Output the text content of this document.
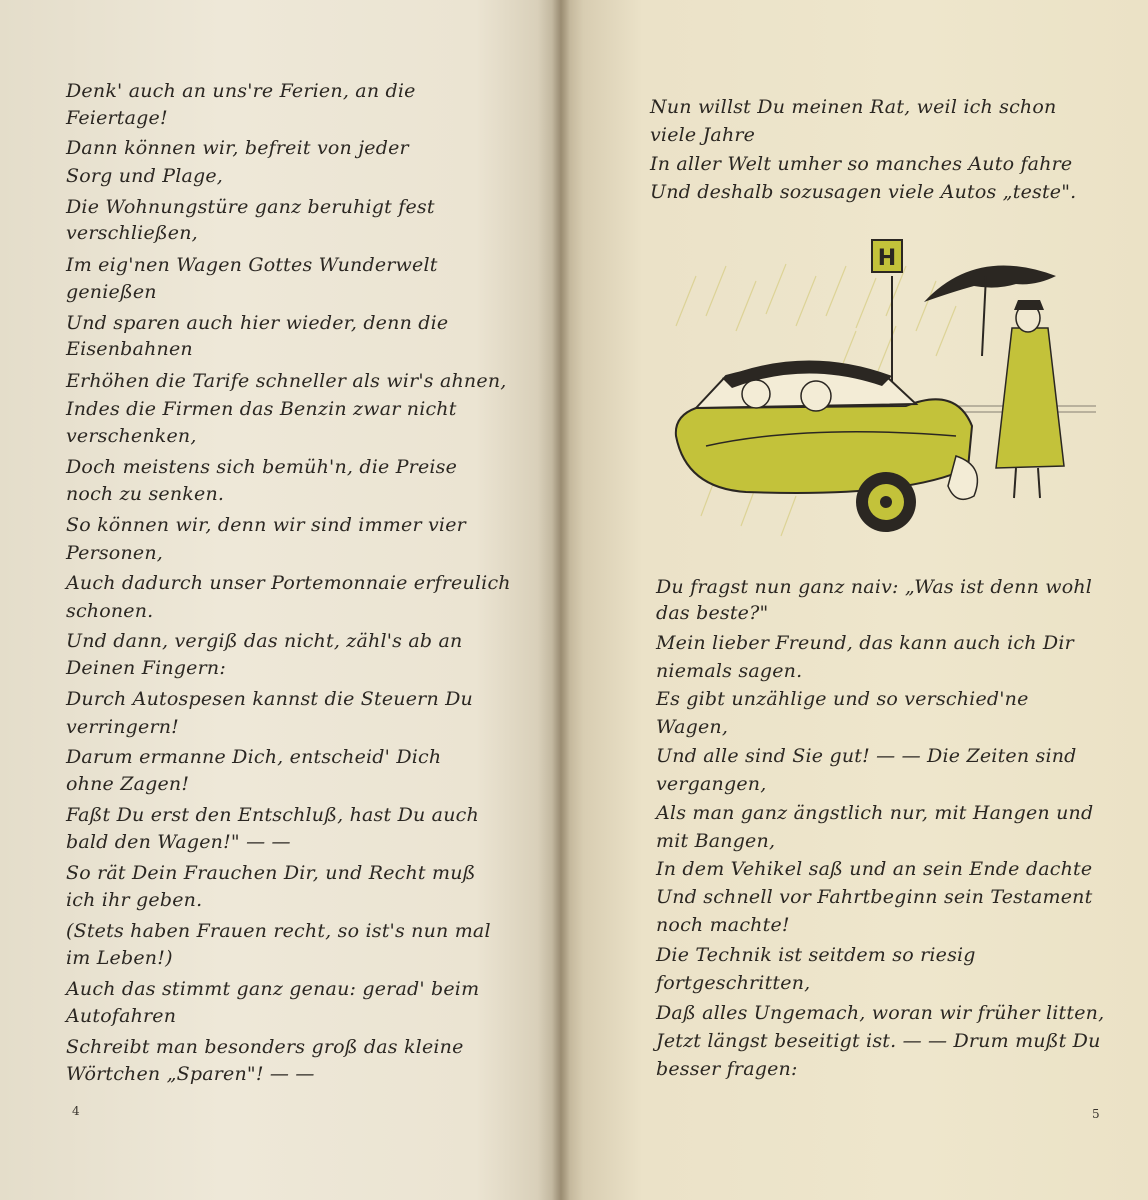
Denk' auch an uns're Ferien, an die
Feiertage!
Dann können wir, befreit von jeder
Sorg und Plage,
Die Wohnungstüre ganz beruhigt fest
verschließen,
Im eig'nen Wagen Gottes Wunderwelt
genießen
Und sparen auch hier wieder, denn die
Eisenbahnen
Erhöhen die Tarife schneller als wir's ahnen,
Indes die Firmen das Benzin zwar nicht
verschenken,
Doch meistens sich bemüh'n, die Preise
noch zu senken.
So können wir, denn wir sind immer vier
Personen,
Auch dadurch unser Portemonnaie erfreulich
schonen.
Und dann, vergiß das nicht, zähl's ab an
Deinen Fingern:
Durch Autospesen kannst die Steuern Du
verringern!
Darum ermanne Dich, entscheid' Dich
ohne Zagen!
Faßt Du erst den Entschluß, hast Du auch
bald den Wagen!" — —
So rät Dein Frauchen Dir, und Recht muß
ich ihr geben.
(Stets haben Frauen recht, so ist's nun mal
im Leben!)
Auch das stimmt ganz genau: gerad' beim
Autofahren
Schreibt man besonders groß das kleine
Wörtchen „Sparen"! — —
4
Nun willst Du meinen Rat, weil ich schon
viele Jahre
In aller Welt umher so manches Auto fahre
Und deshalb sozusagen viele Autos „teste".
H
Du fragst nun ganz naiv: „Was ist denn wohl
das beste?"
Mein lieber Freund, das kann auch ich Dir
niemals sagen.
Es gibt unzählige und so verschied'ne
Wagen,
Und alle sind Sie gut! — — Die Zeiten sind
vergangen,
Als man ganz ängstlich nur, mit Hangen und
mit Bangen,
In dem Vehikel saß und an sein Ende dachte
Und schnell vor Fahrtbeginn sein Testament
noch machte!
Die Technik ist seitdem so riesig
fortgeschritten,
Daß alles Ungemach, woran wir früher litten,
Jetzt längst beseitigt ist. — — Drum mußt Du
besser fragen:
5
